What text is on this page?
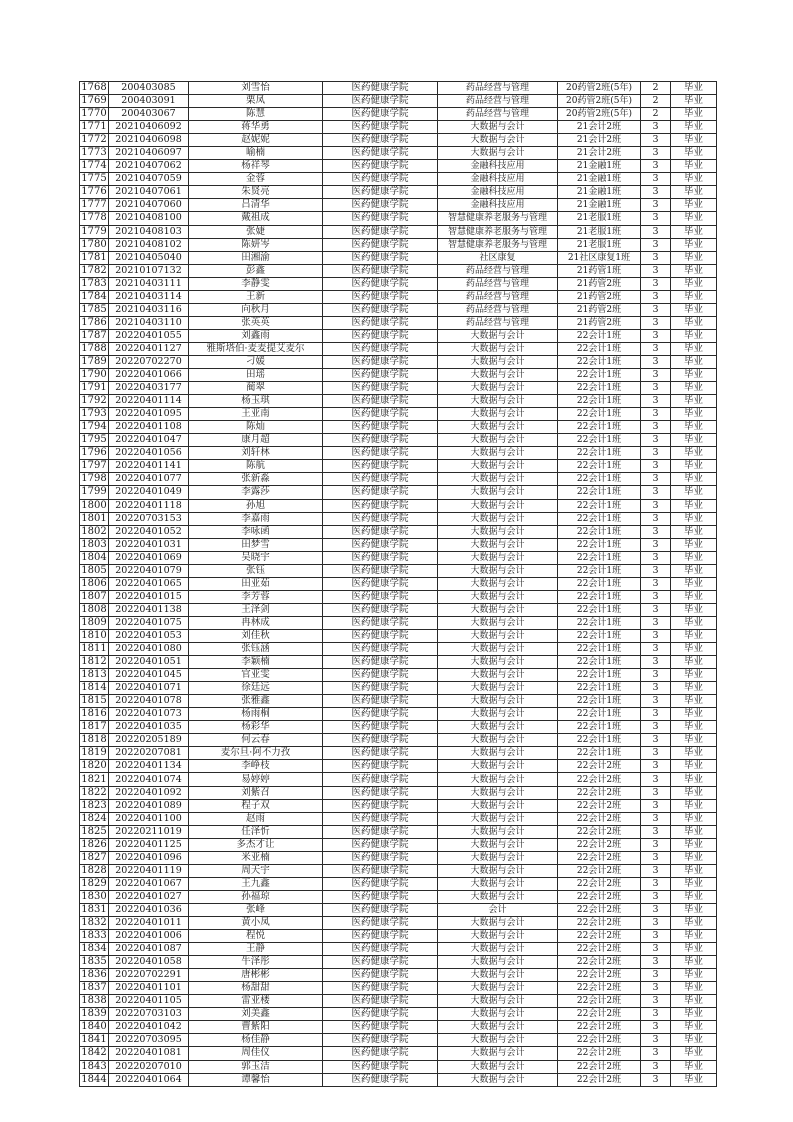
1768	200403085	刘雪怡	医药健康学院	药品经营与管理	20药管2班(5年)	2	毕业
1769	200403091	栗凤	医药健康学院	药品经营与管理	20药管2班(5年)	2	毕业
1770	200403067	陈慧	医药健康学院	药品经营与管理	20药管2班(5年)	2	毕业
1771	20210406092	蒋华勇	医药健康学院	大数据与会计	21会计2班	3	毕业
1772	20210406098	赵妮妮	医药健康学院	大数据与会计	21会计2班	3	毕业
1773	20210406097	喻楠	医药健康学院	大数据与会计	21会计2班	3	毕业
1774	20210407062	杨祥琴	医药健康学院	金融科技应用	21金融1班	3	毕业
1775	20210407059	金蓉	医药健康学院	金融科技应用	21金融1班	3	毕业
1776	20210407061	朱贤亮	医药健康学院	金融科技应用	21金融1班	3	毕业
1777	20210407060	吕清华	医药健康学院	金融科技应用	21金融1班	3	毕业
1778	20210408100	戴祖成	医药健康学院	智慧健康养老服务与管理	21老服1班	3	毕业
1779	20210408103	张婕	医药健康学院	智慧健康养老服务与管理	21老服1班	3	毕业
1780	20210408102	陈妍岑	医药健康学院	智慧健康养老服务与管理	21老服1班	3	毕业
1781	20210405040	田湘渝	医药健康学院	社区康复	21社区康复1班	3	毕业
1782	20210107132	彭鑫	医药健康学院	药品经营与管理	21药管1班	3	毕业
1783	20210403111	李静雯	医药健康学院	药品经营与管理	21药管2班	3	毕业
1784	20210403114	王新	医药健康学院	药品经营与管理	21药管2班	3	毕业
1785	20210403116	向秋月	医药健康学院	药品经营与管理	21药管2班	3	毕业
1786	20210403110	张英英	医药健康学院	药品经营与管理	21药管2班	3	毕业
1787	20220401055	刘鑫雨	医药健康学院	大数据与会计	22会计1班	3	毕业
1788	20220401127	雅斯塔伯·麦麦提艾麦尔	医药健康学院	大数据与会计	22会计1班	3	毕业
1789	20220702270	刁媛	医药健康学院	大数据与会计	22会计1班	3	毕业
1790	20220401066	田瑶	医药健康学院	大数据与会计	22会计1班	3	毕业
1791	20220403177	蔺翠	医药健康学院	大数据与会计	22会计1班	3	毕业
1792	20220401114	杨玉琪	医药健康学院	大数据与会计	22会计1班	3	毕业
1793	20220401095	王亚南	医药健康学院	大数据与会计	22会计1班	3	毕业
1794	20220401108	陈灿	医药健康学院	大数据与会计	22会计1班	3	毕业
1795	20220401047	康月超	医药健康学院	大数据与会计	22会计1班	3	毕业
1796	20220401056	刘轩林	医药健康学院	大数据与会计	22会计1班	3	毕业
1797	20220401141	陈航	医药健康学院	大数据与会计	22会计1班	3	毕业
1798	20220401077	张新淼	医药健康学院	大数据与会计	22会计1班	3	毕业
1799	20220401049	李露莎	医药健康学院	大数据与会计	22会计1班	3	毕业
1800	20220401118	孙旭	医药健康学院	大数据与会计	22会计1班	3	毕业
1801	20220703153	李嘉雨	医药健康学院	大数据与会计	22会计1班	3	毕业
1802	20220401052	李咏函	医药健康学院	大数据与会计	22会计1班	3	毕业
1803	20220401031	田梦雪	医药健康学院	大数据与会计	22会计1班	3	毕业
1804	20220401069	吴晓宇	医药健康学院	大数据与会计	22会计1班	3	毕业
1805	20220401079	张钰	医药健康学院	大数据与会计	22会计1班	3	毕业
1806	20220401065	田亚茹	医药健康学院	大数据与会计	22会计1班	3	毕业
1807	20220401015	李芳蓉	医药健康学院	大数据与会计	22会计1班	3	毕业
1808	20220401138	王泽剑	医药健康学院	大数据与会计	22会计1班	3	毕业
1809	20220401075	冉林成	医药健康学院	大数据与会计	22会计1班	3	毕业
1810	20220401053	刘佳秋	医药健康学院	大数据与会计	22会计1班	3	毕业
1811	20220401080	张钰涵	医药健康学院	大数据与会计	22会计1班	3	毕业
1812	20220401051	李颖楠	医药健康学院	大数据与会计	22会计1班	3	毕业
1813	20220401045	官亚雯	医药健康学院	大数据与会计	22会计1班	3	毕业
1814	20220401071	徐廷远	医药健康学院	大数据与会计	22会计1班	3	毕业
1815	20220401078	张雅鑫	医药健康学院	大数据与会计	22会计1班	3	毕业
1816	20220401073	杨雨桐	医药健康学院	大数据与会计	22会计1班	3	毕业
1817	20220401035	杨彩华	医药健康学院	大数据与会计	22会计1班	3	毕业
1818	20220205189	何云春	医药健康学院	大数据与会计	22会计1班	3	毕业
1819	20220207081	麦尔旦·阿不力孜	医药健康学院	大数据与会计	22会计1班	3	毕业
1820	20220401134	李峥枝	医药健康学院	大数据与会计	22会计2班	3	毕业
1821	20220401074	易婷婷	医药健康学院	大数据与会计	22会计2班	3	毕业
1822	20220401092	刘紫召	医药健康学院	大数据与会计	22会计2班	3	毕业
1823	20220401089	程子双	医药健康学院	大数据与会计	22会计2班	3	毕业
1824	20220401100	赵雨	医药健康学院	大数据与会计	22会计2班	3	毕业
1825	20220211019	任泽忻	医药健康学院	大数据与会计	22会计2班	3	毕业
1826	20220401125	多杰才让	医药健康学院	大数据与会计	22会计2班	3	毕业
1827	20220401096	米亚楠	医药健康学院	大数据与会计	22会计2班	3	毕业
1828	20220401119	周天宇	医药健康学院	大数据与会计	22会计2班	3	毕业
1829	20220401067	王九鑫	医药健康学院	大数据与会计	22会计2班	3	毕业
1830	20220401027	孙福琼	医药健康学院	大数据与会计	22会计2班	3	毕业
1831	20220401036	张峰	医药健康学院	会计	22会计2班	3	毕业
1832	20220401011	黄小凤	医药健康学院	大数据与会计	22会计2班	3	毕业
1833	20220401006	程悦	医药健康学院	大数据与会计	22会计2班	3	毕业
1834	20220401087	王静	医药健康学院	大数据与会计	22会计2班	3	毕业
1835	20220401058	牛泽彤	医药健康学院	大数据与会计	22会计2班	3	毕业
1836	20220702291	唐彬彬	医药健康学院	大数据与会计	22会计2班	3	毕业
1837	20220401101	杨甜甜	医药健康学院	大数据与会计	22会计2班	3	毕业
1838	20220401105	雷亚楼	医药健康学院	大数据与会计	22会计2班	3	毕业
1839	20220703103	刘美鑫	医药健康学院	大数据与会计	22会计2班	3	毕业
1840	20220401042	曹紫阳	医药健康学院	大数据与会计	22会计2班	3	毕业
1841	20220703095	杨佳静	医药健康学院	大数据与会计	22会计2班	3	毕业
1842	20220401081	周佳仪	医药健康学院	大数据与会计	22会计2班	3	毕业
1843	20220207010	郭玉洁	医药健康学院	大数据与会计	22会计2班	3	毕业
1844	20220401064	谭馨怡	医药健康学院	大数据与会计	22会计2班	3	毕业
